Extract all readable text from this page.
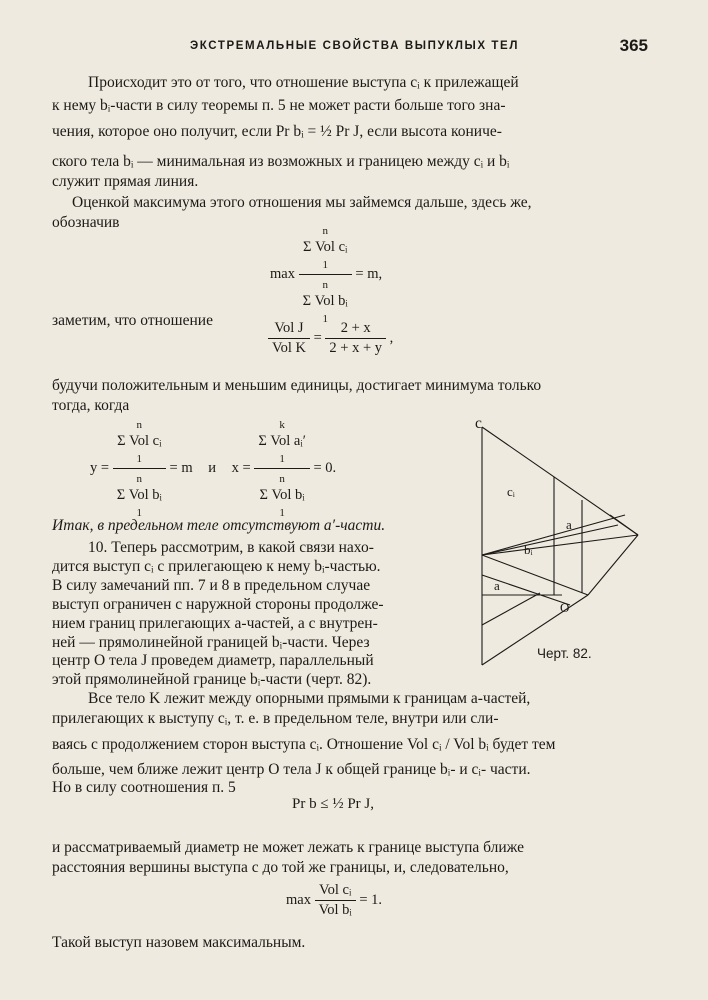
ЭКСТРЕМАЛЬНЫЕ СВОЙСТВА ВЫПУКЛЫХ ТЕЛ	365
Происходит это от того, что отношение выступа cᵢ к прилежащей
к нему bᵢ-части в силу теоремы п. 5 не может расти больше того зна-
чения, которое оно получит, если Pr bᵢ = ½ Pr J, если высота кониче-
ского тела bᵢ — минимальная из возможных и границею между cᵢ и bᵢ
служит прямая линия.
Оценкой максимума этого отношения мы займемся дальше, здесь же,
обозначив
max
n
Σ Vol cᵢ
1
n
Σ Vol bᵢ
1
= m,
заметим, что отношение	$\frac{\text{Vol J}}{\text{Vol K}} = \frac{2 + x}{2 + x + y}$ ,
будучи положительным и меньшим единицы, достигает минимума только
тогда, когда
y =
n
Σ Vol cᵢ
1
n
Σ Vol bᵢ
1
= m и x =
k
Σ Vol aᵢ′
1
n
Σ Vol bᵢ
1
= 0.
Итак, в предельном теле отсутствуют a′-части.
10. Теперь рассмотрим, в какой связи нахо-
дится выступ cᵢ с прилегающею к нему bᵢ-частью.
В силу замечаний пп. 7 и 8 в предельном случае
выступ ограничен с наружной стороны продолже-
нием границ прилегающих a-частей, а с внутрен-
ней — прямолинейной границей bᵢ-части. Через
центр O тела J проведем диаметр, параллельный
этой прямолинейной границе bᵢ-части (черт. 82).
c
cᵢ
bᵢ
a
a
O
Черт. 82.
Все тело K лежит между опорными прямыми к границам a-частей,
прилегающих к выступу cᵢ, т. е. в предельном теле, внутри или сли-
ваясь с продолжением сторон выступа cᵢ. Отношение Vol cᵢ / Vol bᵢ будет тем
больше, чем ближе лежит центр O тела J к общей границе bᵢ- и cᵢ- части.
Но в силу соотношения п. 5
Pr b ≤ ½ Pr J,
и рассматриваемый диаметр не может лежать к границе выступа ближе
расстояния вершины выступа c до той же границы, и, следовательно,
$\max \frac{\text{Vol cᵢ}}{\text{Vol bᵢ}} = 1$.
Такой выступ назовем максимальным.
